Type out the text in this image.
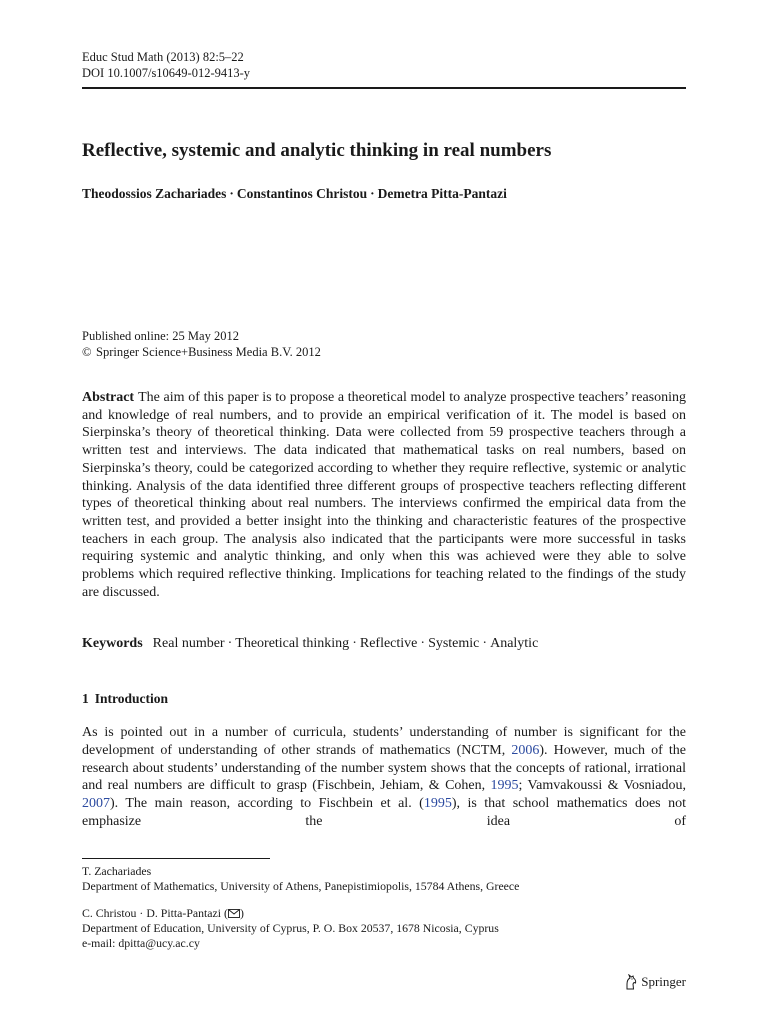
Educ Stud Math (2013) 82:5–22
DOI 10.1007/s10649-012-9413-y
Reflective, systemic and analytic thinking in real numbers
Theodossios Zachariades · Constantinos Christou · Demetra Pitta-Pantazi
Published online: 25 May 2012
© Springer Science+Business Media B.V. 2012

Abstract The aim of this paper is to propose a theoretical model to analyze prospective teachers’ reasoning and knowledge of real numbers, and to provide an empirical verification of it. The model is based on Sierpinska’s theory of theoretical thinking. Data were collected from 59 prospective teachers through a written test and interviews. The data indicated that mathematical tasks on real numbers, based on Sierpinska’s theory, could be categorized according to whether they require reflective, systemic or analytic thinking. Analysis of the data identified three different groups of prospective teachers reflecting different types of theoretical thinking about real numbers. The interviews confirmed the empirical data from the written test, and provided a better insight into the thinking and characteristic features of the prospective teachers in each group. The analysis also indicated that the participants were more successful in tasks requiring systemic and analytic thinking, and only when this was achieved were they able to solve problems which required reflective thinking. Implications for teaching related to the findings of the study are discussed.

Keywords Real number · Theoretical thinking · Reflective · Systemic · Analytic
1 Introduction

As is pointed out in a number of curricula, students’ understanding of number is significant for the development of understanding of other strands of mathematics (NCTM, 2006). However, much of the research about students’ understanding of the number system shows that the concepts of rational, irrational and real numbers are difficult to grasp (Fischbein, Jehiam, & Cohen, 1995; Vamvakoussi & Vosniadou, 2007). The main reason, according to Fischbein et al. (1995), is that school mathematics does not emphasize the idea of

T. Zachariades
Department of Mathematics, University of Athens, Panepistimiopolis, 15784 Athens, Greece
C. Christou · D. Pitta-Pantazi ( )
Department of Education, University of Cyprus, P. O. Box 20537, 1678 Nicosia, Cyprus
e-mail: dpitta@ucy.ac.cy
Springer
